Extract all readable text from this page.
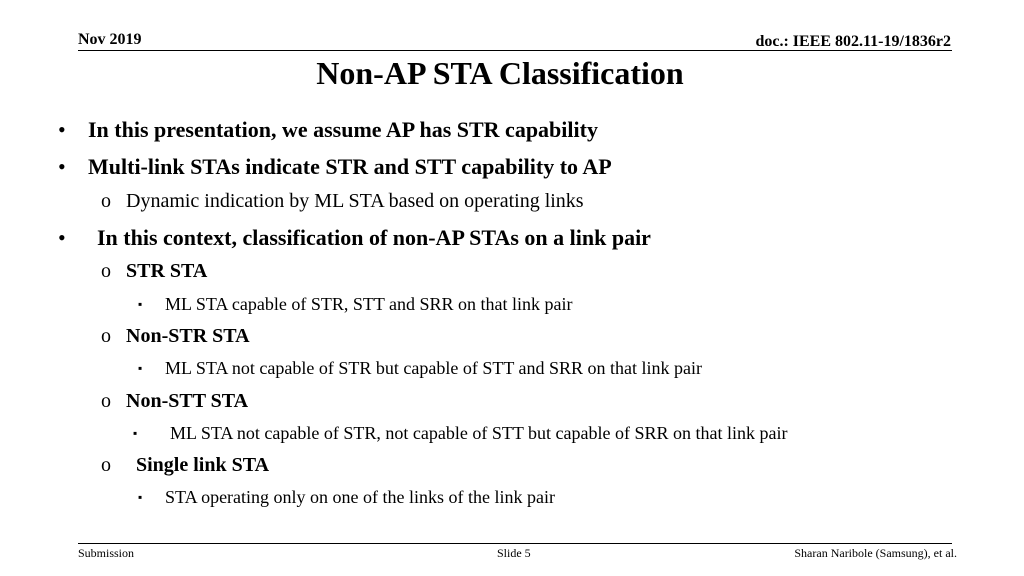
Nov 2019	doc.: IEEE 802.11-19/1836r2
Non-AP STA Classification
• In this presentation, we assume AP has STR capability
• Multi-link STAs indicate STR and STT capability to AP
o Dynamic indication by ML STA based on operating links
• In this context, classification of non-AP STAs on a link pair
o STR STA
▪ ML STA capable of STR, STT and SRR on that link pair
o Non-STR STA
▪ ML STA not capable of STR but capable of STT and SRR on that link pair
o Non-STT STA
▪ ML STA not capable of STR, not capable of STT but capable of SRR on that link pair
o Single link STA
▪ STA operating only on one of the links of the link pair
Submission	Slide 5	Sharan Naribole (Samsung), et al.
